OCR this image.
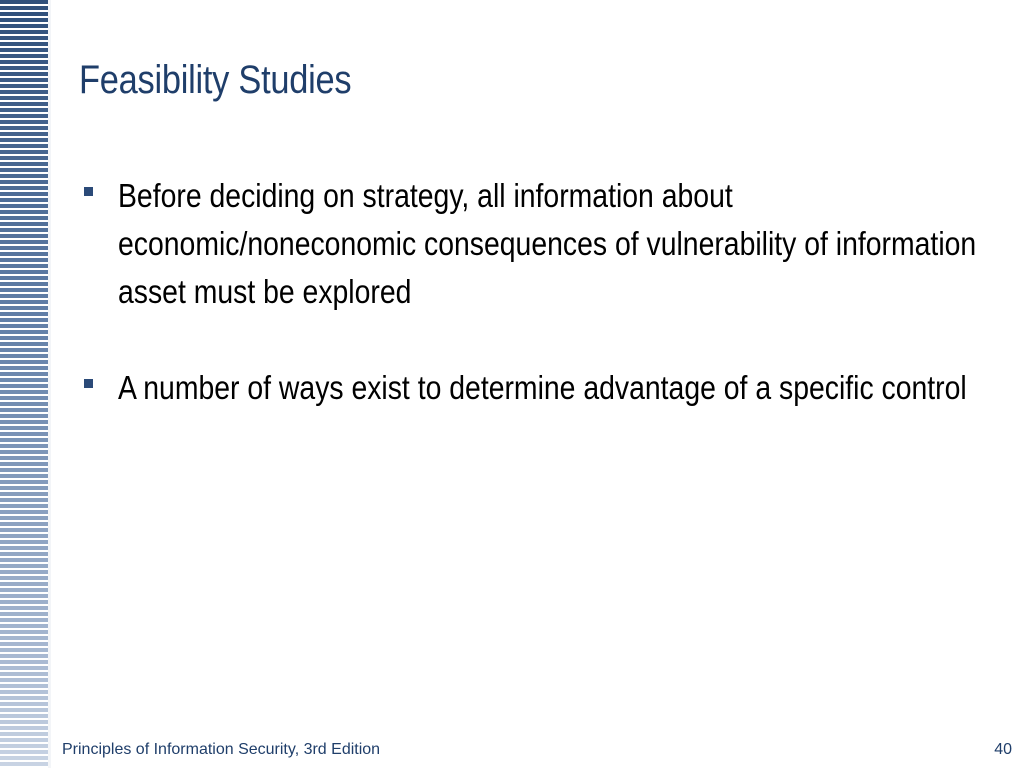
Feasibility Studies
Before deciding on strategy, all information about economic/noneconomic consequences of vulnerability of information asset must be explored
A number of ways exist to determine advantage of a specific control
Principles of Information Security, 3rd Edition	40
